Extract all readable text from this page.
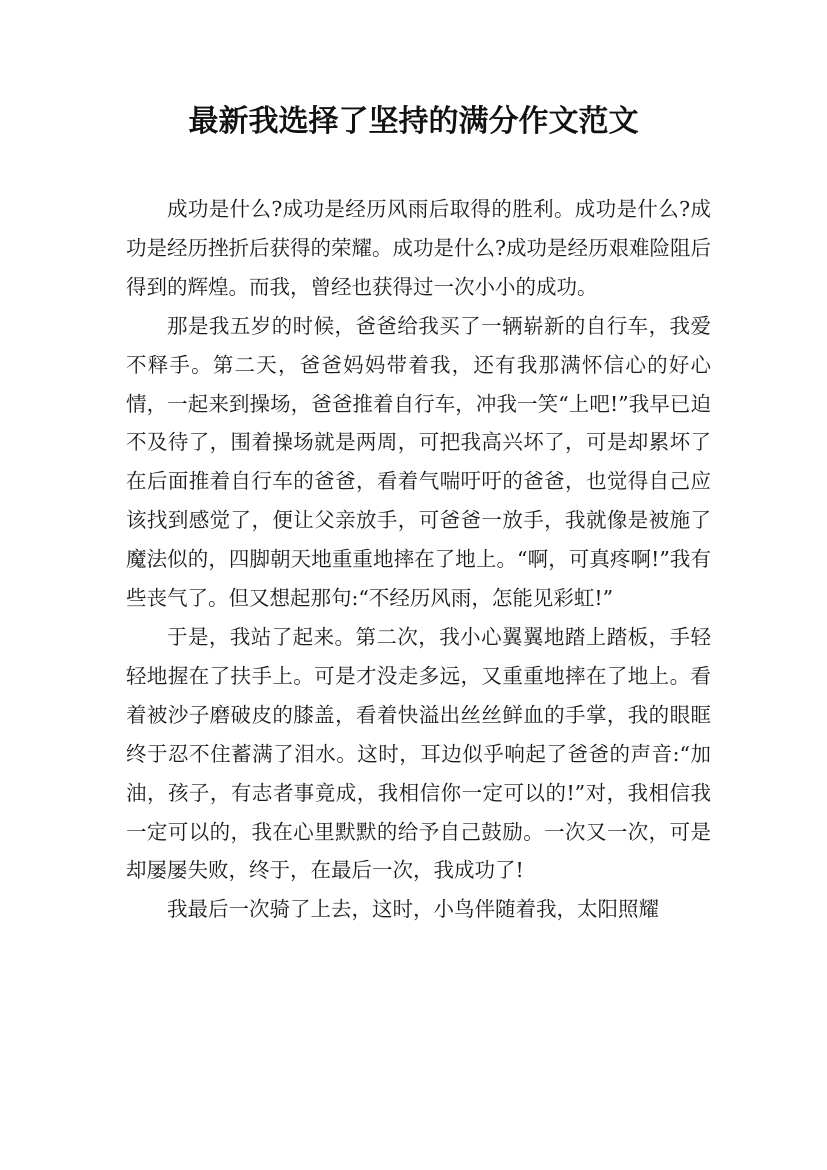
最新我选择了坚持的满分作文范文

成功是什么?成功是经历风雨后取得的胜利。成功是什么?成功是经历挫折后获得的荣耀。成功是什么?成功是经历艰难险阻后得到的辉煌。而我，曾经也获得过一次小小的成功。

那是我五岁的时候，爸爸给我买了一辆崭新的自行车，我爱不释手。第二天，爸爸妈妈带着我，还有我那满怀信心的好心情，一起来到操场，爸爸推着自行车，冲我一笑“上吧!”我早已迫不及待了，围着操场就是两周，可把我高兴坏了，可是却累坏了在后面推着自行车的爸爸，看着气喘吁吁的爸爸，也觉得自己应该找到感觉了，便让父亲放手，可爸爸一放手，我就像是被施了魔法似的，四脚朝天地重重地摔在了地上。“啊，可真疼啊!”我有些丧气了。但又想起那句:“不经历风雨，怎能见彩虹!”

于是，我站了起来。第二次，我小心翼翼地踏上踏板，手轻轻地握在了扶手上。可是才没走多远，又重重地摔在了地上。看着被沙子磨破皮的膝盖，看着快溢出丝丝鲜血的手掌，我的眼眶终于忍不住蓄满了泪水。这时，耳边似乎响起了爸爸的声音:“加油，孩子，有志者事竟成，我相信你一定可以的!”对，我相信我一定可以的，我在心里默默的给予自己鼓励。一次又一次，可是却屡屡失败，终于，在最后一次，我成功了!

我最后一次骑了上去，这时，小鸟伴随着我，太阳照耀
